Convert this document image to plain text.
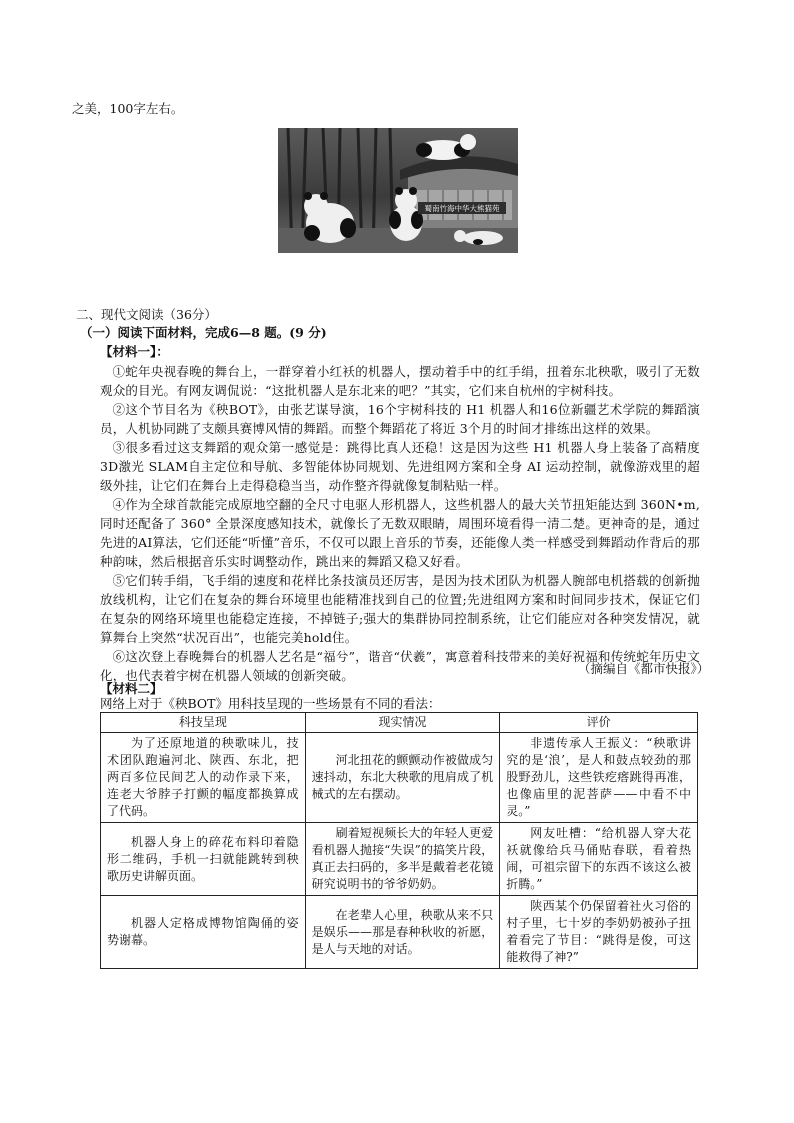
之美，100字左右。
蜀南竹海中华大熊猫苑
二、现代文阅读（36分）
（一）阅读下面材料，完成6—8 题。(9 分)
【材料一】：

①蛇年央视春晚的舞台上，一群穿着小红袄的机器人，摆动着手中的红手绢，扭着东北秧歌，吸引了无数观众的目光。有网友调侃说：“这批机器人是东北来的吧？”其实，它们来自杭州的宇树科技。

②这个节目名为《秧BOT》，由张艺谋导演，16个宇树科技的 H1 机器人和16位新疆艺术学院的舞蹈演员，人机协同跳了支颇具赛博风情的舞蹈。而整个舞蹈花了将近 3个月的时间才排练出这样的效果。

③很多看过这支舞蹈的观众第一感觉是：跳得比真人还稳！这是因为这些 H1 机器人身上装备了高精度 3D激光 SLAM自主定位和导航、多智能体协同规划、先进组网方案和全身 AI 运动控制，就像游戏里的超级外挂，让它们在舞台上走得稳稳当当，动作整齐得就像复制粘贴一样。

④作为全球首款能完成原地空翻的全尺寸电驱人形机器人，这些机器人的最大关节扭矩能达到 360N•m,同时还配备了 360° 全景深度感知技术，就像长了无数双眼睛，周围环境看得一清二楚。更神奇的是，通过先进的AI算法，它们还能“听懂”音乐，不仅可以跟上音乐的节奏，还能像人类一样感受到舞蹈动作背后的那种韵味，然后根据音乐实时调整动作，跳出来的舞蹈又稳又好看。

⑤它们转手绢，飞手绢的速度和花样比条技演员还厉害，是因为技术团队为机器人腕部电机搭载的创新抛放线机构，让它们在复杂的舞台环境里也能精准找到自己的位置;先进组网方案和时间同步技术，保证它们在复杂的网络环境里也能稳定连接，不掉链子;强大的集群协同控制系统，让它们能应对各种突发情况，就算舞台上突然“状况百出”，也能完美hold住。

⑥这次登上春晚舞台的机器人艺名是“福兮”，谐音“伏羲”，寓意着科技带来的美好祝福和传统蛇年历史文化，也代表着宇树在机器人领域的创新突破。	（摘编自《都市快报》）
【材料二】
网络上对于《秧BOT》用科技呈现的一些场景有不同的看法：
科技呈现	现实情况	评价

为了还原地道的秧歌味儿，技术团队跑遍河北、陕西、东北，把两百多位民间艺人的动作录下来，连老大爷脖子打颤的幅度都换算成了代码。	河北扭花的颤颤动作被做成匀速抖动，东北大秧歌的甩肩成了机械式的左右摆动。	非遗传承人王振义：“秧歌讲究的是‘浪’，是人和鼓点较劲的那股野劲儿，这些铁疙瘩跳得再准，也像庙里的泥菩萨——中看不中灵。”

机器人身上的碎花布料印着隐形二维码，手机一扫就能跳转到秧歌历史讲解页面。	刷着短视频长大的年轻人更爱看机器人抛接“失误”的搞笑片段，真正去扫码的，多半是戴着老花镜研究说明书的爷爷奶奶。	网友吐槽：“给机器人穿大花袄就像给兵马俑贴春联，看着热闹，可祖宗留下的东西不该这么被折腾。”

机器人定格成博物馆陶俑的姿势谢幕。	在老辈人心里，秧歌从来不只是娱乐——那是春种秋收的祈愿，是人与天地的对话。	陕西某个仍保留着社火习俗的村子里，七十岁的李奶奶被孙子扭着看完了节目：“跳得是俊，可这能救得了神?”
